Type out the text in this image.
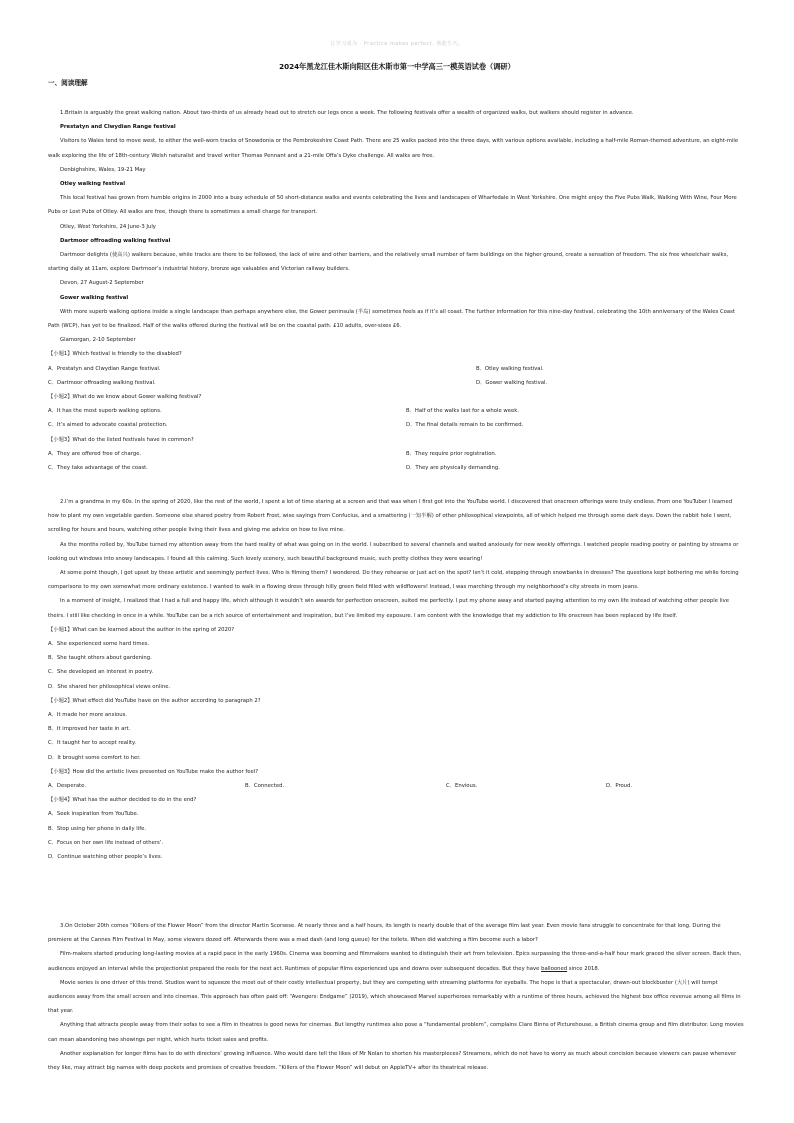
让学习成为 · Practice makes perfect. 熟能生巧。
2024年黑龙江佳木斯向阳区佳木斯市第一中学高三一模英语试卷（调研）
一、阅读理解

1.Britain is arguably the great walking nation. About two-thirds of us already head out to stretch our legs once a week. The following festivals offer a wealth of organized walks, but walkers should register in advance.

Prestatyn and Clwydian Range festival

Visitors to Wales tend to move west, to either the well-worn tracks of Snowdonia or the Pembrokeshire Coast Path. There are 25 walks packed into the three days, with various options available, including a half-mile Roman-themed adventure, an eight-mile walk exploring the life of 18th-century Welsh naturalist and travel writer Thomas Pennant and a 21-mile Offa’s Dyke challenge. All walks are free.

Denbighshire, Wales, 19-21 May

Otley walking festival

This local festival has grown from humble origins in 2000 into a busy schedule of 50 short-distance walks and events celebrating the lives and landscapes of Wharfedale in West Yorkshire. One might enjoy the Five Pubs Walk, Walking With Wine, Four More Pubs or Lost Pubs of Otley. All walks are free, though there is sometimes a small charge for transport.

Otley, West Yorkshire, 24 June-3 July

Dartmoor offroading walking festival

Dartmoor delights (使高兴) walkers because, while tracks are there to be followed, the lack of wire and other barriers, and the relatively small number of farm buildings on the higher ground, create a sensation of freedom. The six free wheelchair walks, starting daily at 11am, explore Dartmoor’s industrial history, bronze age valuables and Victorian railway builders.

Devon, 27 August-2 September

Gower walking festival

With more superb walking options inside a single landscape than perhaps anywhere else, the Gower peninsula (半岛) sometimes feels as if it’s all coast. The further information for this nine-day festival, celebrating the 10th anniversary of the Wales Coast Path (WCP), has yet to be finalized. Half of the walks offered during the festival will be on the coastal path. £10 adults, over-sixes £6.

Glamorgan, 2-10 September

【小题1】Which festival is friendly to the disabled?

A．Prestatyn and Clwydian Range festival.	B．Otley walking festival.
C．Dartmoor offroading walking festival.	D．Gower walking festival.

【小题2】What do we know about Gower walking festival?

A．It has the most superb walking options.	B．Half of the walks last for a whole week.
C．It’s aimed to advocate coastal protection.	D．The final details remain to be confirmed.

【小题3】What do the listed festivals have in common?

A．They are offered free of charge.	B．They require prior registration.
C．They take advantage of the coast.	D．They are physically demanding.

2.I’m a grandma in my 60s. In the spring of 2020, like the rest of the world, I spent a lot of time staring at a screen and that was when I first got into the YouTube world. I discovered that onscreen offerings were truly endless. From one YouTuber I learned how to plant my own vegetable garden. Someone else shared poetry from Robert Frost, wise sayings from Confucius, and a smattering (一知半解) of other philosophical viewpoints, all of which helped me through some dark days. Down the rabbit hole I went, scrolling for hours and hours, watching other people living their lives and giving me advice on how to live mine.

As the months rolled by, YouTube turned my attention away from the hard reality of what was going on in the world. I subscribed to several channels and waited anxiously for new weekly offerings. I watched people reading poetry or painting by streams or looking out windows into snowy landscapes. I found all this calming. Such lovely scenery, such beautiful background music, such pretty clothes they were wearing!

At some point though, I got upset by these artistic and seemingly perfect lives. Who is filming them? I wondered. Do they rehearse or just act on the spot? Isn’t it cold, stepping through snowbanks in dresses? The questions kept bothering me while forcing comparisons to my own somewhat more ordinary existence. I wanted to walk in a flowing dress through hilly green field filled with wildflowers! Instead, I was marching through my neighborhood’s city streets in mom jeans.

In a moment of insight, I realized that I had a full and happy life, which although it wouldn’t win awards for perfection onscreen, suited me perfectly. I put my phone away and started paying attention to my own life instead of watching other people live theirs. I still like checking in once in a while. YouTube can be a rich source of entertainment and inspiration, but I’ve limited my exposure. I am content with the knowledge that my addiction to life onscreen has been replaced by life itself.

【小题1】What can be learned about the author in the spring of 2020?

A．She experienced some hard times.

B．She taught others about gardening.

C．She developed an interest in poetry.

D．She shared her philosophical views online.

【小题2】What effect did YouTube have on the author according to paragraph 2?

A．It made her more anxious.

B．It improved her taste in art.

C．It taught her to accept reality.

D．It brought some comfort to her.

【小题3】How did the artistic lives presented on YouTube make the author feel?

A．Desperate.	B．Connected.	C．Envious.	D．Proud.

【小题4】What has the author decided to do in the end?

A．Seek inspiration from YouTube.

B．Stop using her phone in daily life.

C．Focus on her own life instead of others’.

D．Continue watching other people’s lives.

3.On October 20th comes “Killers of the Flower Moon” from the director Martin Scorsese. At nearly three and a half hours, its length is nearly double that of the average film last year. Even movie fans struggle to concentrate for that long. During the premiere at the Cannes Film Festival in May, some viewers dozed off. Afterwards there was a mad dash (and long queue) for the toilets. When did watching a film become such a labor?

Film-makers started producing long-lasting movies at a rapid pace in the early 1960s. Cinema was booming and filmmakers wanted to distinguish their art from television. Epics surpassing the three-and-a-half hour mark graced the silver screen. Back then, audiences enjoyed an interval while the projectionist prepared the reels for the next act. Runtimes of popular films experienced ups and downs over subsequent decades. But they have ballooned since 2018.

Movie series is one driver of this trend. Studios want to squeeze the most out of their costly intellectual property, but they are competing with streaming platforms for eyeballs. The hope is that a spectacular, drawn-out blockbuster (大片) will tempt audiences away from the small screen and into cinemas. This approach has often paid off: “Avengers: Endgame” (2019), which showcased Marvel superheroes remarkably with a runtime of three hours, achieved the highest box office revenue among all films in that year.

Anything that attracts people away from their sofas to see a film in theatres is good news for cinemas. But lengthy runtimes also pose a “fundamental problem”, complains Clare Binns of Picturehouse, a British cinema group and film distributor. Long movies can mean abandoning two showings per night, which hurts ticket sales and profits.

Another explanation for longer films has to do with directors’ growing influence. Who would dare tell the likes of Mr Nolan to shorten his masterpieces? Streamers, which do not have to worry as much about concision because viewers can pause whenever they like, may attract big names with deep pockets and promises of creative freedom. “Killers of the Flower Moon” will debut on AppleTV+ after its theatrical release.
